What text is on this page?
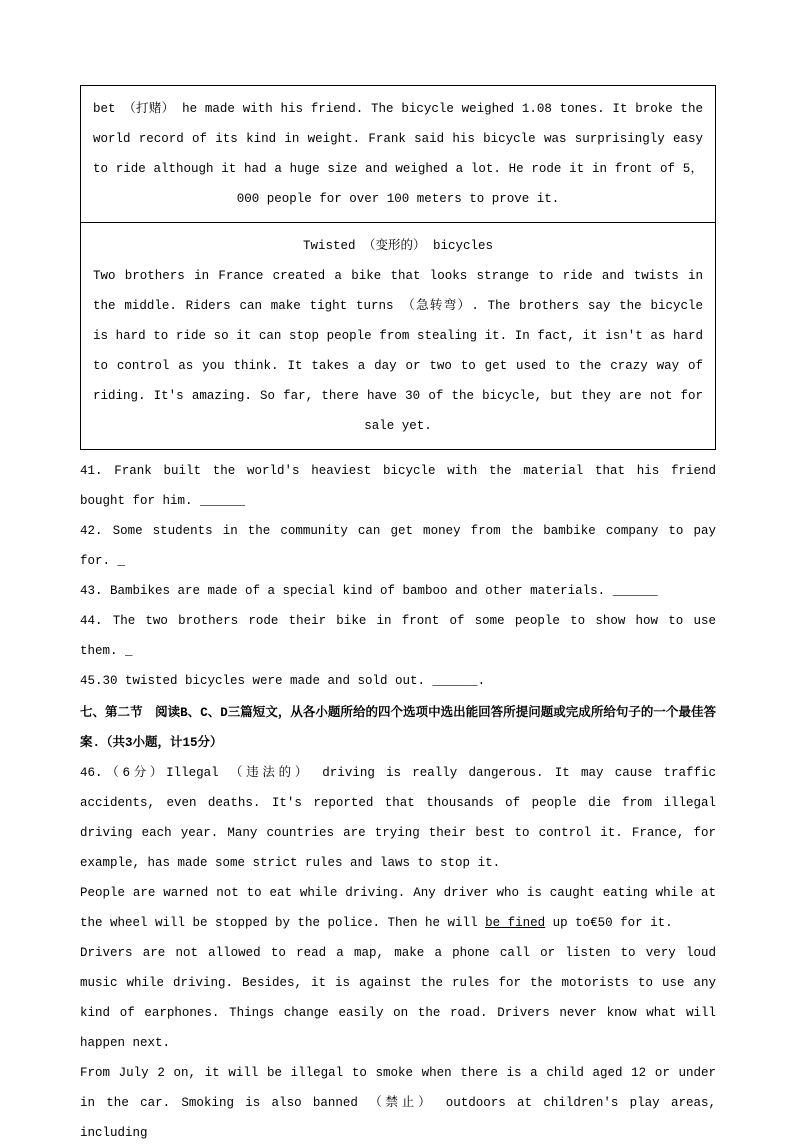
bet （打赌） he made with his friend. The bicycle weighed 1.08 tones. It broke the world record of its kind in weight. Frank said his bicycle was surprisingly easy to ride although it had a huge size and weighed a lot. He rode it in front of 5，000 people for over 100 meters to prove it.
Twisted （变形的） bicycles
Two brothers in France created a bike that looks strange to ride and twists in the middle. Riders can make tight turns （急转弯）. The brothers say the bicycle is hard to ride so it can stop people from stealing it. In fact, it isn't as hard to control as you think. It takes a day or two to get used to the crazy way of riding. It's amazing. So far, there have 30 of the bicycle, but they are not for sale yet.
41. Frank built the world's heaviest bicycle with the material that his friend bought for him. ______
42. Some students in the community can get money from the bambike company to pay for. _
43. Bambikes are made of a special kind of bamboo and other materials. ______
44. The two brothers rode their bike in front of some people to show how to use them. _
45.30 twisted bicycles were made and sold out. ______.
七、第二节　阅读B、C、D三篇短文，从各小题所给的四个选项中选出能回答所提问题或完成所给句子的一个最佳答案.（共3小题，计15分）
46.（6分）Illegal （违法的） driving is really dangerous. It may cause traffic accidents, even deaths. It's reported that thousands of people die from illegal driving each year. Many countries are trying their best to control it. France, for example, has made some strict rules and laws to stop it.
People are warned not to eat while driving. Any driver who is caught eating while at the wheel will be stopped by the police. Then he will be fined up to€50 for it.
Drivers are not allowed to read a map, make a phone call or listen to very loud music while driving. Besides, it is against the rules for the motorists to use any kind of earphones. Things change easily on the road. Drivers never know what will happen next.
From July 2 on, it will be illegal to smoke when there is a child aged 12 or under in the car. Smoking is also banned （禁止） outdoors at children's play areas, including
